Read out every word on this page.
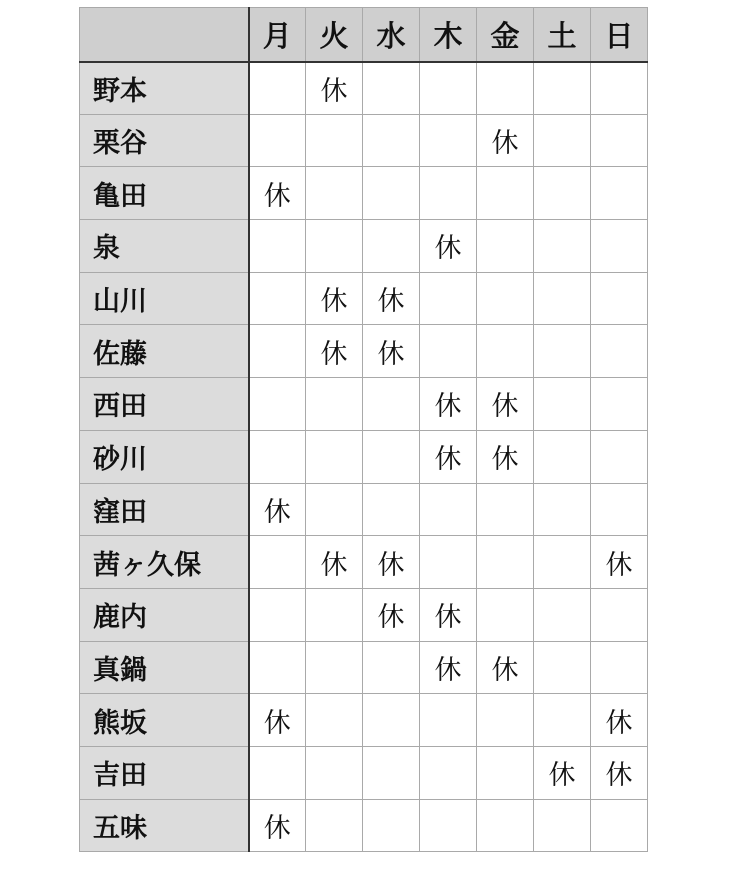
	月	火	水	木	金	土	日
野本		休					
栗谷					休		
亀田	休						
泉				休			
山川		休	休				
佐藤		休	休				
西田				休	休		
砂川				休	休		
窪田	休						
茜ヶ久保		休	休				休
鹿内			休	休			
真鍋				休	休		
熊坂	休						休
吉田						休	休
五味	休						
